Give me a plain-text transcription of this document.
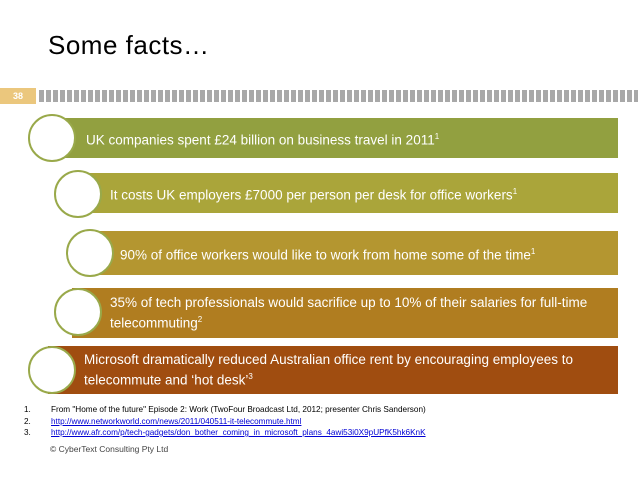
Some facts…
38
UK companies spent £24 billion on business travel in 2011$^1$
It costs UK employers £7000 per person per desk for office workers$^1$
90% of office workers would like to work from home some of the time$^1$
35% of tech professionals would sacrifice up to 10% of their salaries for full-time telecommuting$^2$
Microsoft dramatically reduced Australian office rent by encouraging employees to telecommute and ‘hot desk’$^3$
1.	From "Home of the future" Episode 2: Work (TwoFour Broadcast Ltd, 2012; presenter Chris Sanderson)
2.	http://www.networkworld.com/news/2011/040511-it-telecommute.html
3.	http://www.afr.com/p/tech-gadgets/don_bother_coming_in_microsoft_plans_4awi53i0X9pUPfK5hk6KnK
© CyberText Consulting Pty Ltd
